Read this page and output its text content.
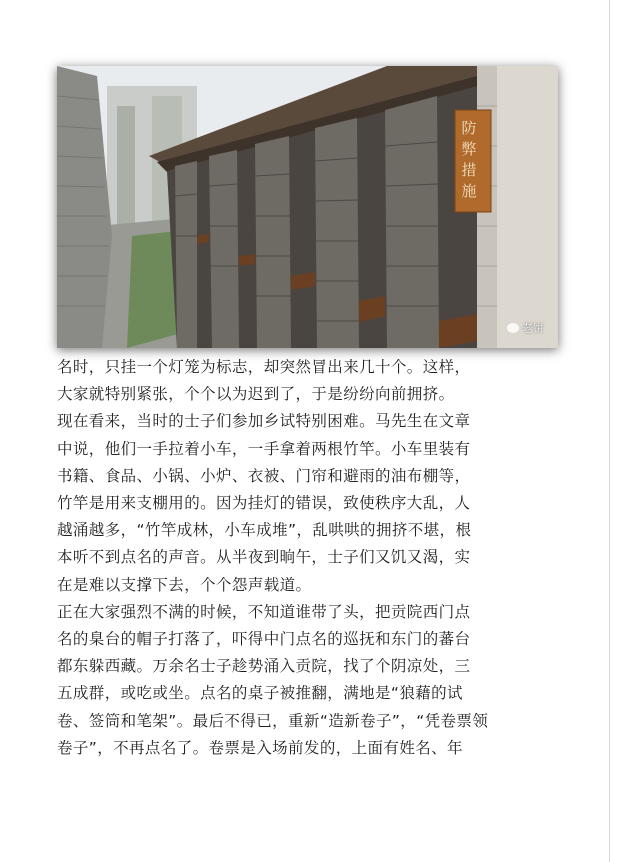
防弊措施
老饼

名时，只挂一个灯笼为标志，却突然冒出来几十个。这样，

大家就特别紧张，个个以为迟到了，于是纷纷向前拥挤。

现在看来，当时的士子们参加乡试特别困难。马先生在文章

中说，他们一手拉着小车，一手拿着两根竹竿。小车里装有

书籍、食品、小锅、小炉、衣被、门帘和避雨的油布棚等，

竹竿是用来支棚用的。因为挂灯的错误，致使秩序大乱，人

越涌越多，“竹竿成林，小车成堆”，乱哄哄的拥挤不堪，根

本听不到点名的声音。从半夜到晌午，士子们又饥又渴，实

在是难以支撑下去，个个怨声载道。

正在大家强烈不满的时候，不知道谁带了头，把贡院西门点

名的臬台的帽子打落了，吓得中门点名的巡抚和东门的蕃台

都东躲西藏。万余名士子趁势涌入贡院，找了个阴凉处，三

五成群，或吃或坐。点名的桌子被推翻，满地是“狼藉的试

卷、签筒和笔架”。最后不得已，重新“造新卷子”，“凭卷票领

卷子”，不再点名了。卷票是入场前发的，上面有姓名、年
